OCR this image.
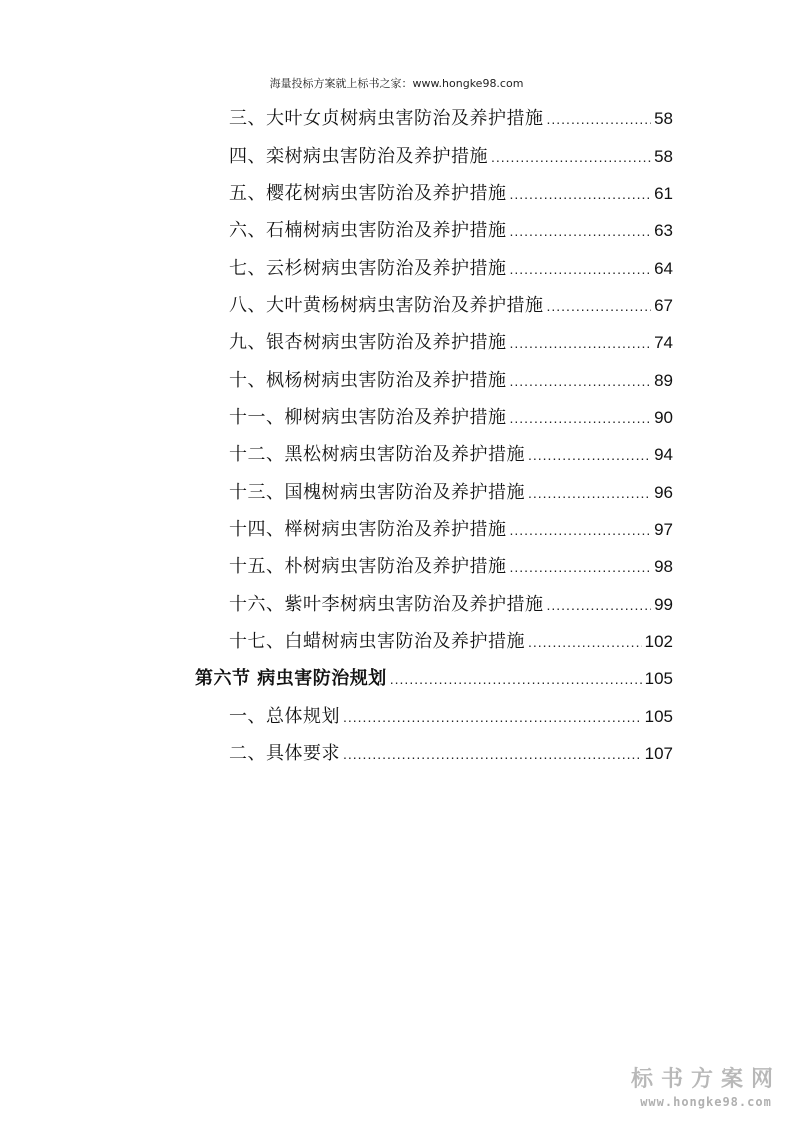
海量投标方案就上标书之家：www.hongke98.com
三、大叶女贞树病虫害防治及养护措施 .....	58
四、栾树病虫害防治及养护措施 .....	58
五、樱花树病虫害防治及养护措施 .....	61
六、石楠树病虫害防治及养护措施 .....	63
七、云杉树病虫害防治及养护措施 .....	64
八、大叶黄杨树病虫害防治及养护措施 .....	67
九、银杏树病虫害防治及养护措施 .....	74
十、枫杨树病虫害防治及养护措施 .....	89
十一、柳树病虫害防治及养护措施 .....	90
十二、黑松树病虫害防治及养护措施 .....	94
十三、国槐树病虫害防治及养护措施 .....	96
十四、榉树病虫害防治及养护措施 .....	97
十五、朴树病虫害防治及养护措施 .....	98
十六、紫叶李树病虫害防治及养护措施 .....	99
十七、白蜡树病虫害防治及养护措施 .....	102
第六节 病虫害防治规划 .....	105
一、总体规划 .....	105
二、具体要求 .....	107
标书方案网
www.hongke98.com
